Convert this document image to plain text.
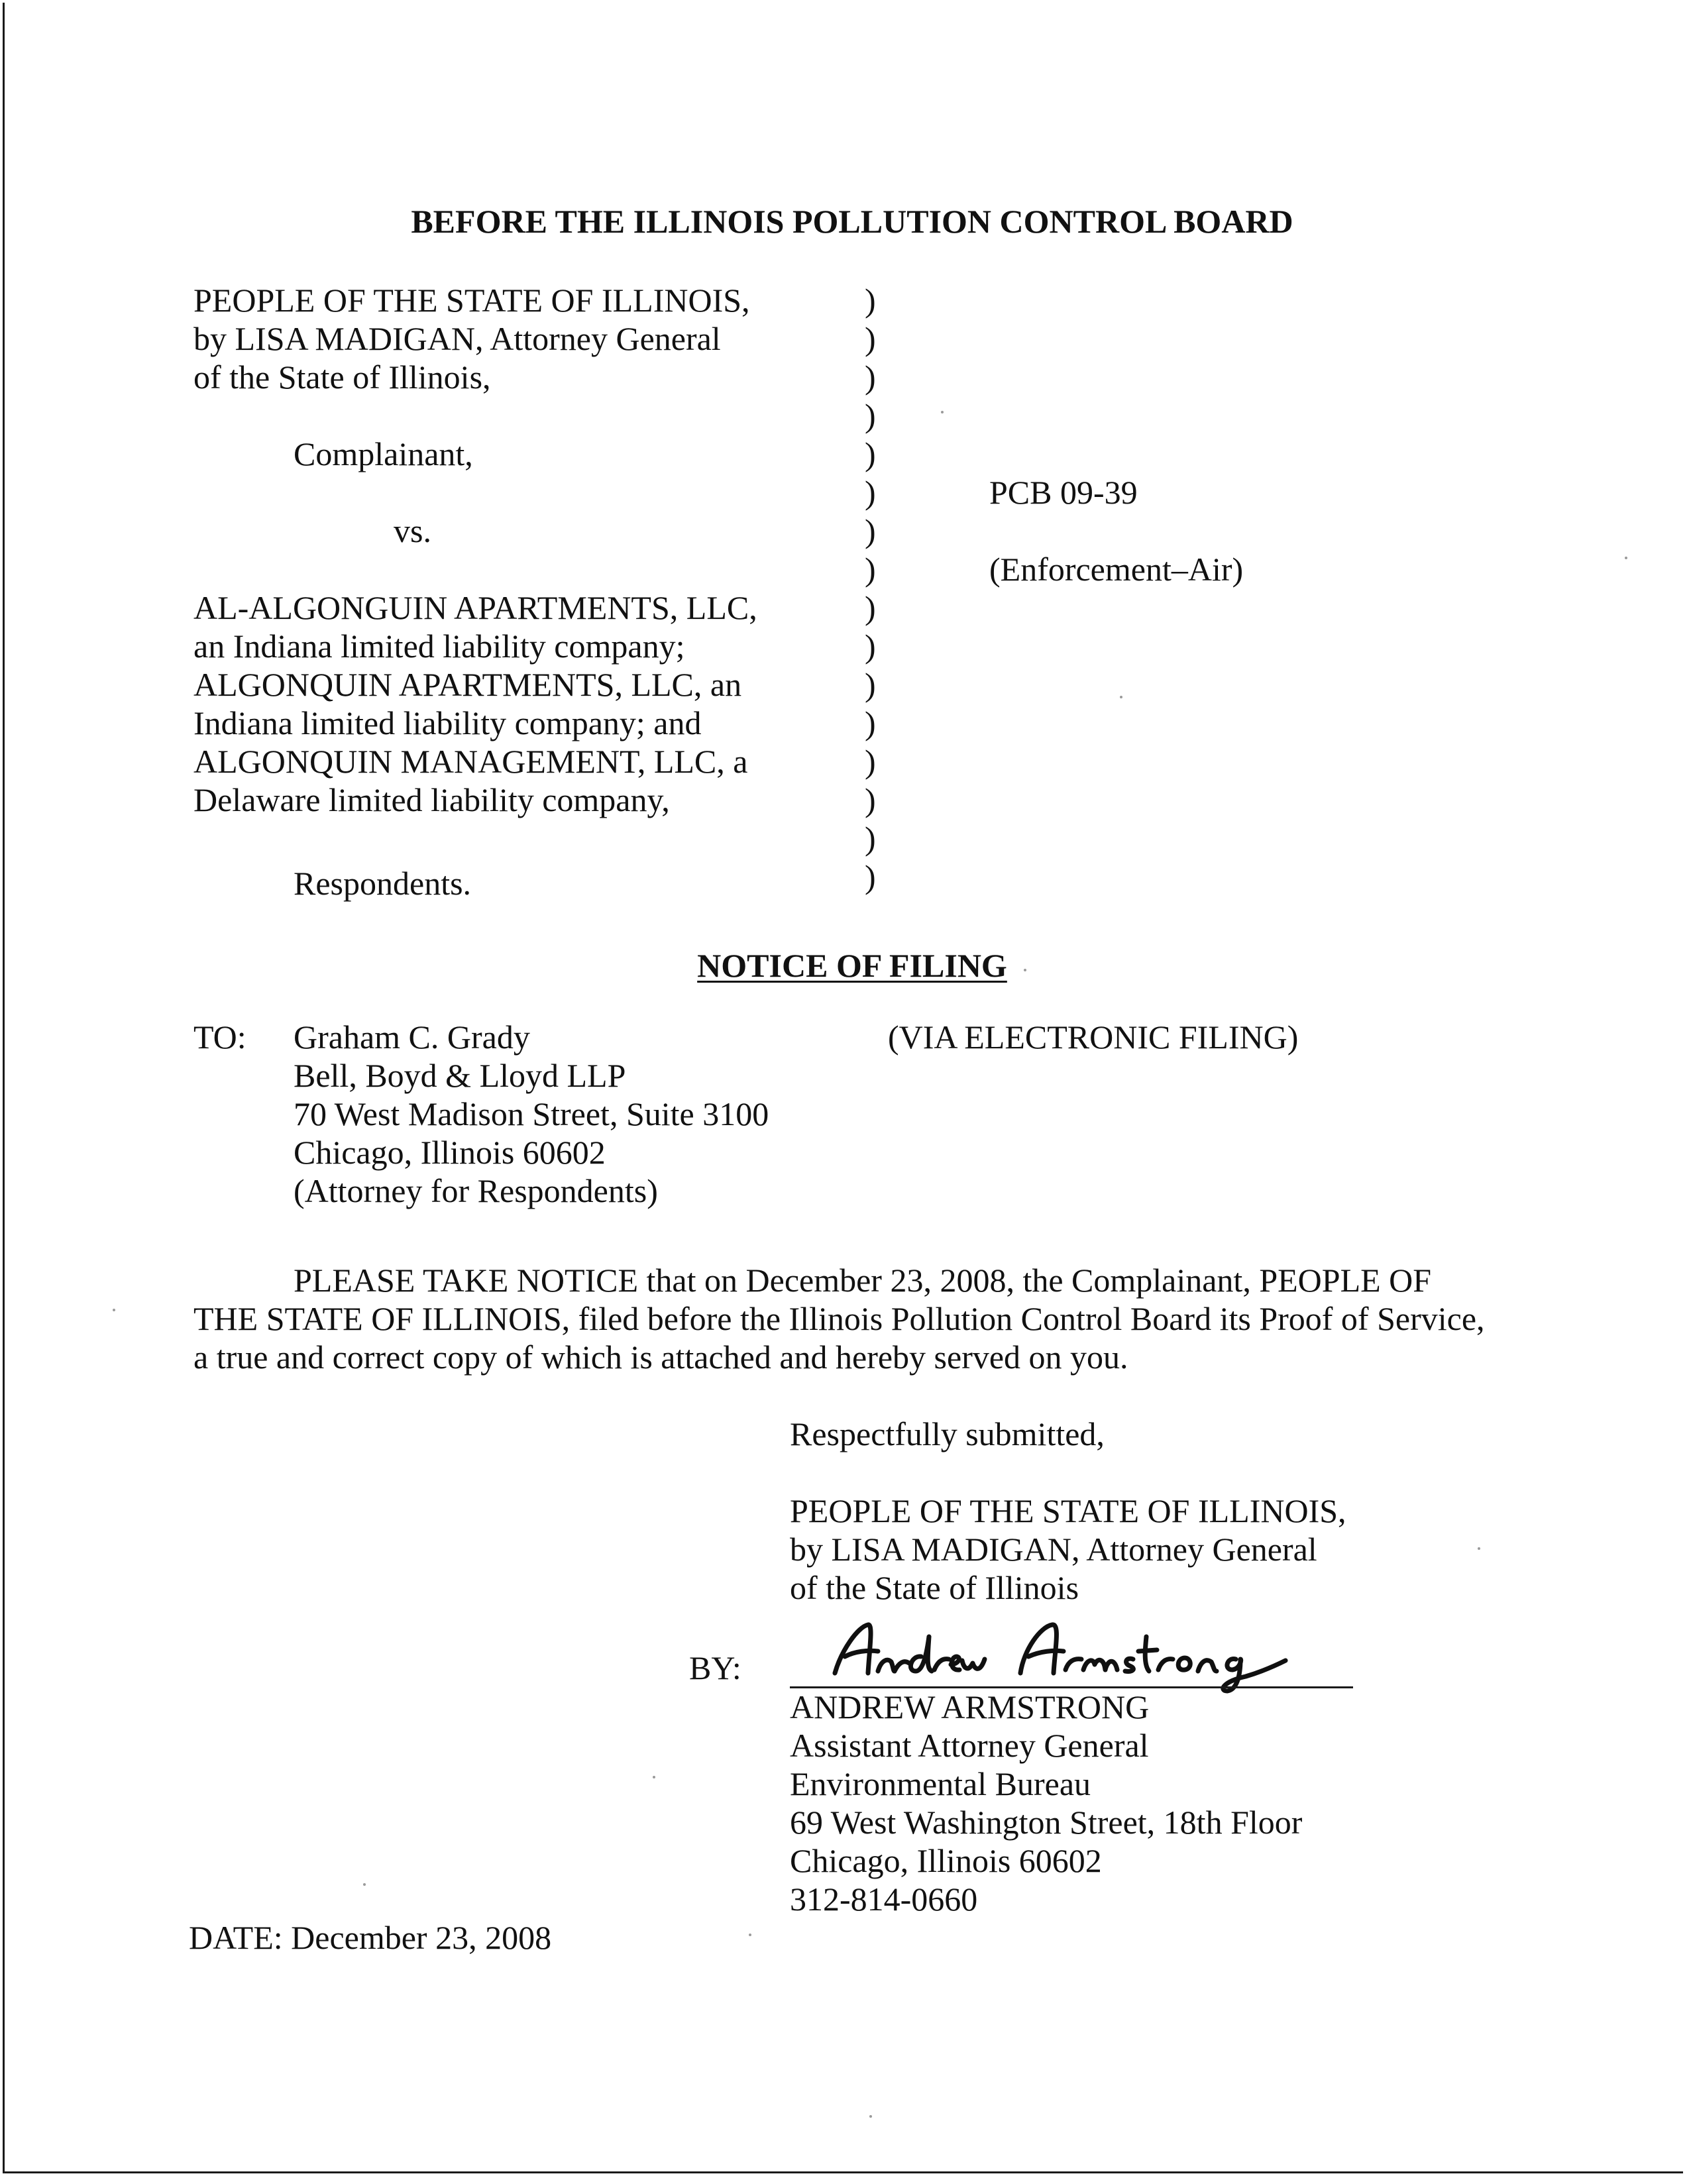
BEFORE THE ILLINOIS POLLUTION CONTROL BOARD
PEOPLE OF THE STATE OF ILLINOIS,
by LISA MADIGAN, Attorney General
of the State of Illinois,
Complainant,
vs.
AL-ALGONGUIN APARTMENTS, LLC,
an Indiana limited liability company;
ALGONQUIN APARTMENTS, LLC, an
Indiana limited liability company; and
ALGONQUIN MANAGEMENT, LLC, a
Delaware limited liability company,
Respondents.
)
)
)
)
)
)
)
)
)
)
)
)
)
)
)
)
PCB 09-39
(Enforcement–Air)
NOTICE OF FILING
TO: Graham C. Grady
Bell, Boyd & Lloyd LLP
70 West Madison Street, Suite 3100
Chicago, Illinois 60602
(Attorney for Respondents)
(VIA ELECTRONIC FILING)
PLEASE TAKE NOTICE that on December 23, 2008, the Complainant, PEOPLE OF
THE STATE OF ILLINOIS, filed before the Illinois Pollution Control Board its Proof of Service,
a true and correct copy of which is attached and hereby served on you.
Respectfully submitted,
PEOPLE OF THE STATE OF ILLINOIS,
by LISA MADIGAN, Attorney General
of the State of Illinois
BY:
ANDREW ARMSTRONG
Assistant Attorney General
Environmental Bureau
69 West Washington Street, 18th Floor
Chicago, Illinois 60602
312-814-0660
DATE: December 23, 2008
